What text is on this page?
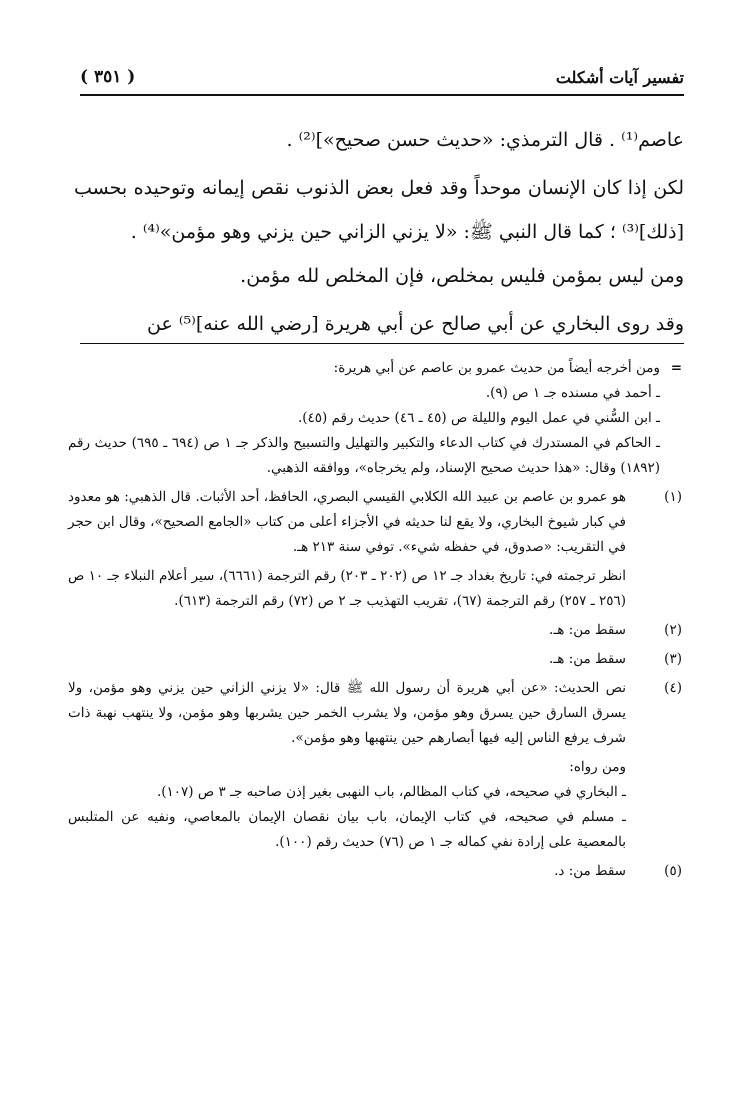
تفسير آيات أشكلت
( ٣٥١ )

عاصم⁽¹⁾ . قال الترمذي: «حديث حسن صحيح»]⁽²⁾ .

لكن إذا كان الإنسان موحداً وقد فعل بعض الذنوب نقص إيمانه وتوحيده بحسب [ذلك]⁽³⁾ ؛ كما قال النبي ﷺ: «لا يزني الزاني حين يزني وهو مؤمن»⁽⁴⁾ .

ومن ليس بمؤمن فليس بمخلص، فإن المخلص لله مؤمن.

وقد روى البخاري عن أبي صالح عن أبي هريرة [رضي الله عنه]⁽⁵⁾ عن

=

ومن أخرجه أيضاً من حديث عمرو بن عاصم عن أبي هريرة:

ـ أحمد في مسنده جـ ١ ص (٩).

ـ ابن السُّني في عمل اليوم والليلة ص (٤٥ ـ ٤٦) حديث رقم (٤٥).

ـ الحاكم في المستدرك في كتاب الدعاء والتكبير والتهليل والتسبيح والذكر جـ ١ ص (٦٩٤ ـ ٦٩٥) حديث رقم (١٨٩٢) وقال: «هذا حديث صحيح الإسناد، ولم يخرجاه»، ووافقه الذهبي.

(١)

هو عمرو بن عاصم بن عبيد الله الكلابي القيسي البصري، الحافظ، أحد الأثبات. قال الذهبي: هو معدود في كبار شيوخ البخاري، ولا يقع لنا حديثه في الأجزاء أعلى من كتاب «الجامع الصحيح»، وقال ابن حجر في التقريب: «صدوق، في حفظه شيء». توفي سنة ٢١٣ هـ.

انظر ترجمته في: تاريخ بغداد جـ ١٢ ص (٢٠٢ ـ ٢٠٣) رقم الترجمة (٦٦٦١)، سير أعلام النبلاء جـ ١٠ ص (٢٥٦ ـ ٢٥٧) رقم الترجمة (٦٧)، تقريب التهذيب جـ ٢ ص (٧٢) رقم الترجمة (٦١٣).

(٢)

سقط من: هـ.

(٣)

سقط من: هـ.

(٤)

نص الحديث: «عن أبي هريرة أن رسول الله ﷺ قال: «لا يزني الزاني حين يزني وهو مؤمن، ولا يسرق السارق حين يسرق وهو مؤمن، ولا يشرب الخمر حين يشربها وهو مؤمن، ولا ينتهب نهبة ذات شرف يرفع الناس إليه فيها أبصارهم حين ينتهبها وهو مؤمن».

ومن رواه:

ـ البخاري في صحيحه، في كتاب المظالم، باب النهبى بغير إذن صاحبه جـ ٣ ص (١٠٧).

ـ مسلم في صحيحه، في كتاب الإيمان، باب بيان نقصان الإيمان بالمعاصي، ونفيه عن المتلبس بالمعصية على إرادة نفي كماله جـ ١ ص (٧٦) حديث رقم (١٠٠).

(٥)

سقط من: د.
